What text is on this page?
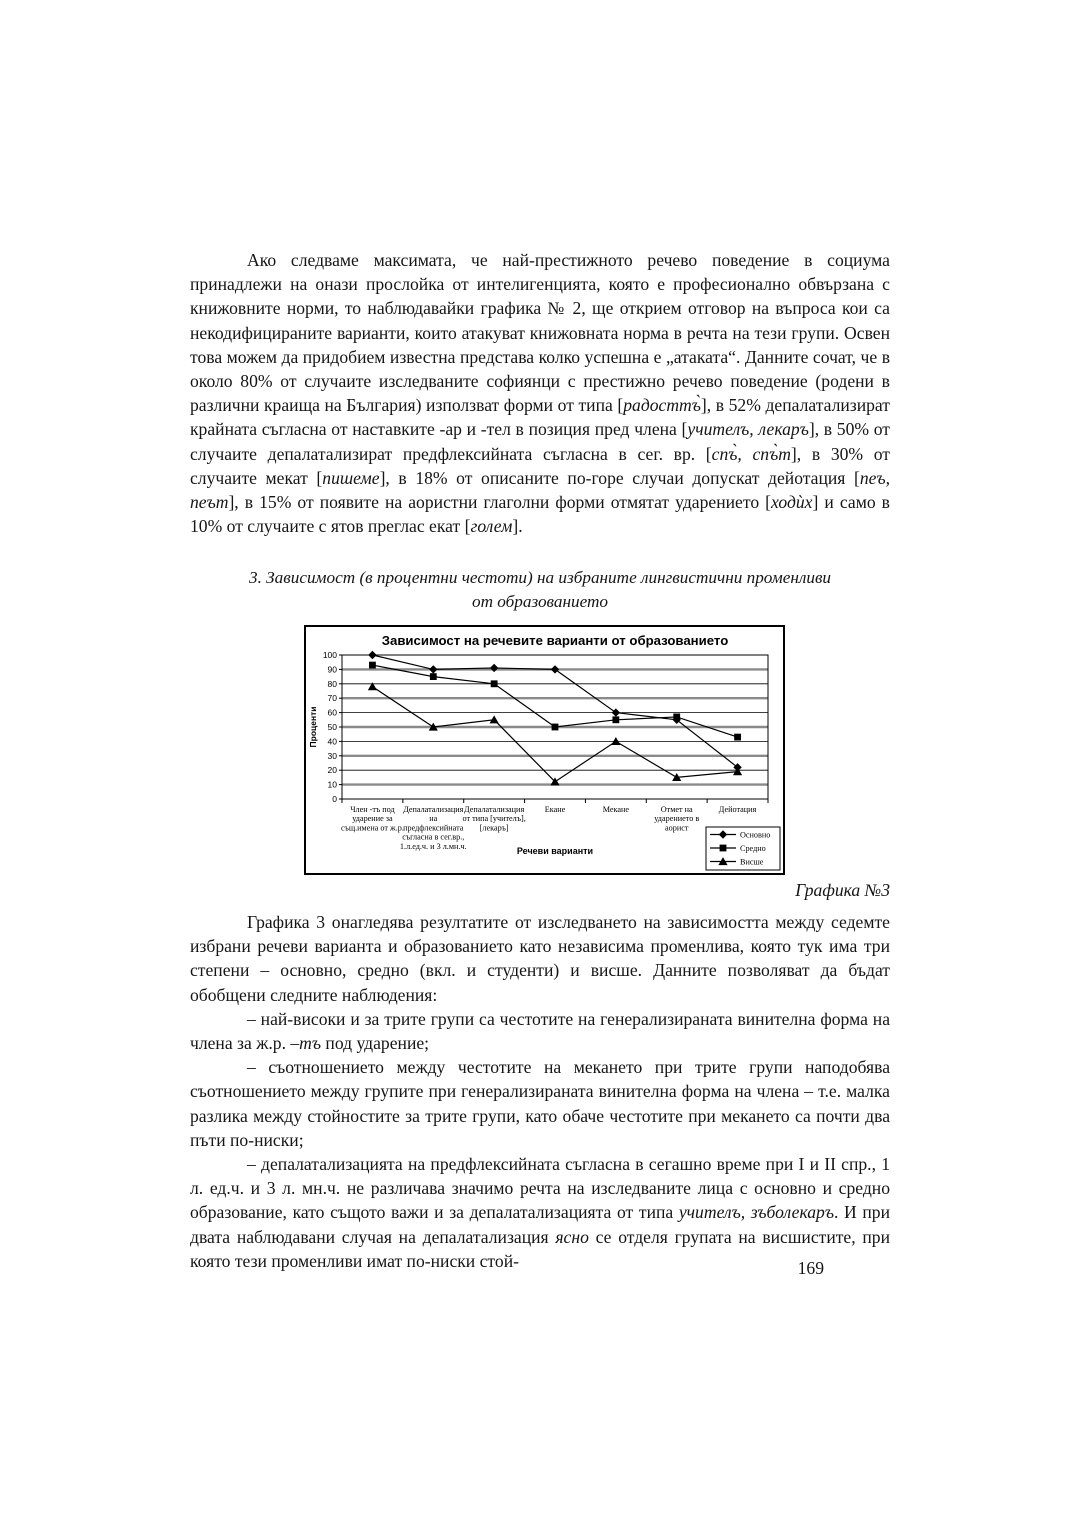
Ако следваме максимата, че най-престижното речево поведение в социума принадлежи на онази прослойка от интелигенцията, която е професионално обвързана с книжовните норми, то наблюдавайки графика № 2, ще открием отговор на въпроса кои са некодифицираните варианти, които атакуват книжовната норма в речта на тези групи. Освен това можем да придобием известна представа колко успешна е „атаката“. Данните сочат, че в около 80% от случаите изследваните софиянци с престижно речево поведение (родени в различни краища на България) използват форми от типа [радосттъ̀], в 52% депалатализират крайната съгласна от наставките -ар и -тел в позиция пред члена [учителъ, лекаръ], в 50% от случаите депалатализират предфлексийната съгласна в сег. вр. [спъ̀, спъ̀т], в 30% от случаите мекат [пишеме], в 18% от описаните по-горе случаи допускат дейотация [пеъ, пеът], в 15% от появите на аористни глаголни форми отмятат ударението [ходѝх] и само в 10% от случаите с ятов преглас екат [голем].

3. Зависимост (в процентни честоти) на избраните лингвистични променливи от образованието
0
10
20
30
40
50
60
70
80
90
100
Член -тъ под
ударение за
същ.имена от ж.р.
Депалатализация
на
предфлексийната
съгласна в сег.вр.,
1.л.ед.ч. и 3 л.мн.ч.
Депалатализация
от типа [учителъ],
[лекаръ]
Екане	Мекане	Отмет на
ударението в
аорист
Дейотация
Зависимост на речевите варианти от образованието
Речеви варианти
Проценти
Основно
Средно
Висше
Графика №3

Графика 3 онагледява резултатите от изследването на зависимостта между седемте избрани речеви варианта и образованието като независима променлива, която тук има три степени – основно, средно (вкл. и студенти) и висше. Данните позволяват да бъдат обобщени следните наблюдения:

– най-високи и за трите групи са честотите на генерализираната винителна форма на члена за ж.р. –тъ под ударение;

– съотношението между честотите на мекането при трите групи наподобява съотношението между групите при генерализираната винителна форма на члена – т.е. малка разлика между стойностите за трите групи, като обаче честотите при мекането са почти два пъти по-ниски;

– депалатализацията на предфлексийната съгласна в сегашно време при I и II спр., 1 л. ед.ч. и 3 л. мн.ч. не различава значимо речта на изследваните лица с основно и средно образование, като същото важи и за депалатализацията от типа учителъ, зъболекаръ. И при двата наблюдавани случая на депалатализация ясно се отделя групата на висшистите, при която тези променливи имат по-ниски стой-	169
